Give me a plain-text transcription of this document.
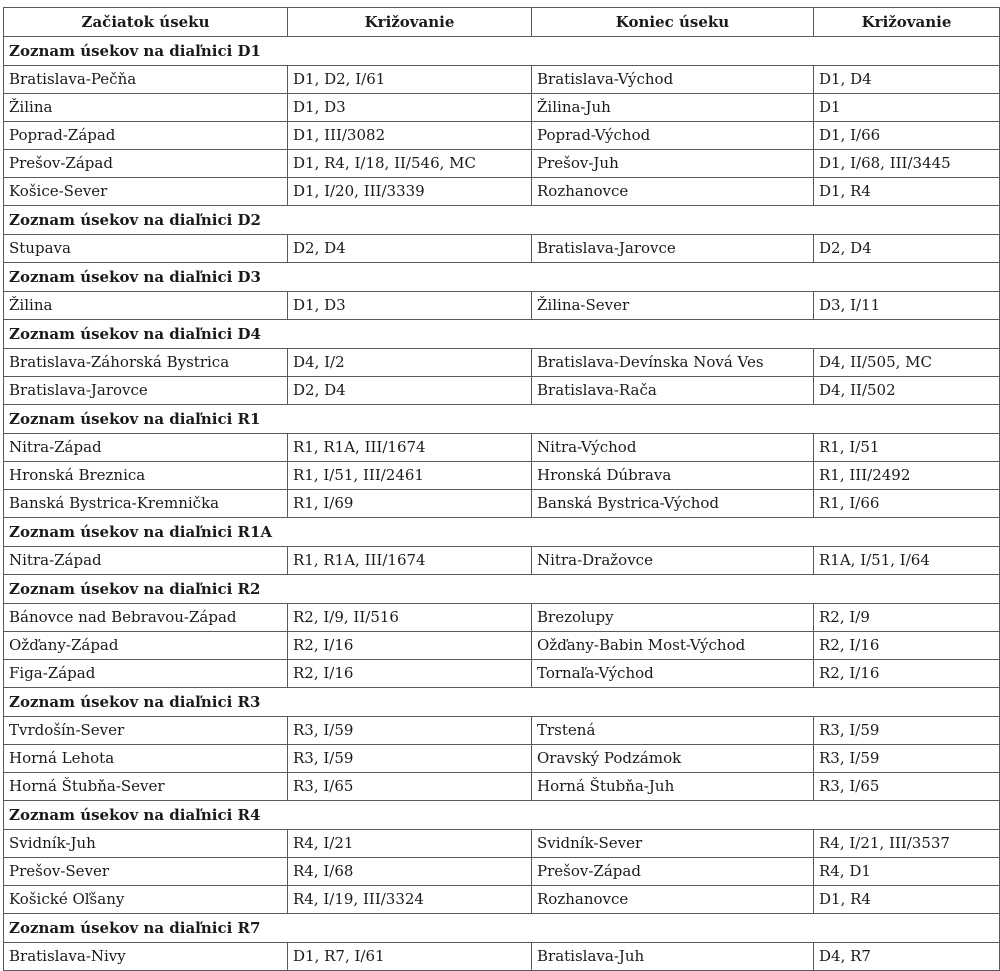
Začiatok úseku	Križovanie	Koniec úseku	Križovanie
Zoznam úsekov na diaľnici D1			
Bratislava-Pečňa	D1, D2, I/61	Bratislava-Východ	D1, D4
Žilina	D1, D3	Žilina-Juh	D1
Poprad-Západ	D1, III/3082	Poprad-Východ	D1, I/66
Prešov-Západ	D1, R4, I/18, II/546, MC	Prešov-Juh	D1, I/68, III/3445
Košice-Sever	D1, I/20, III/3339	Rozhanovce	D1, R4
Zoznam úsekov na diaľnici D2			
Stupava	D2, D4	Bratislava-Jarovce	D2, D4
Zoznam úsekov na diaľnici D3			
Žilina	D1, D3	Žilina-Sever	D3, I/11
Zoznam úsekov na diaľnici D4			
Bratislava-Záhorská Bystrica	D4, I/2	Bratislava-Devínska Nová Ves	D4, II/505, MC
Bratislava-Jarovce	D2, D4	Bratislava-Rača	D4, II/502
Zoznam úsekov na diaľnici R1			
Nitra-Západ	R1, R1A, III/1674	Nitra-Východ	R1, I/51
Hronská Breznica	R1, I/51, III/2461	Hronská Dúbrava	R1, III/2492
Banská Bystrica-Kremnička	R1, I/69	Banská Bystrica-Východ	R1, I/66
Zoznam úsekov na diaľnici R1A			
Nitra-Západ	R1, R1A, III/1674	Nitra-Dražovce	R1A, I/51, I/64
Zoznam úsekov na diaľnici R2			
Bánovce nad Bebravou-Západ	R2, I/9, II/516	Brezolupy	R2, I/9
Ožďany-Západ	R2, I/16	Ožďany-Babin Most-Východ	R2, I/16
Figa-Západ	R2, I/16	Tornaľa-Východ	R2, I/16
Zoznam úsekov na diaľnici R3			
Tvrdošín-Sever	R3, I/59	Trstená	R3, I/59
Horná Lehota	R3, I/59	Oravský Podzámok	R3, I/59
Horná Štubňa-Sever	R3, I/65	Horná Štubňa-Juh	R3, I/65
Zoznam úsekov na diaľnici R4			
Svidník-Juh	R4, I/21	Svidník-Sever	R4, I/21, III/3537
Prešov-Sever	R4, I/68	Prešov-Západ	R4, D1
Košické Oľšany	R4, I/19, III/3324	Rozhanovce	D1, R4
Zoznam úsekov na diaľnici R7			
Bratislava-Nivy	D1, R7, I/61	Bratislava-Juh	D4, R7
